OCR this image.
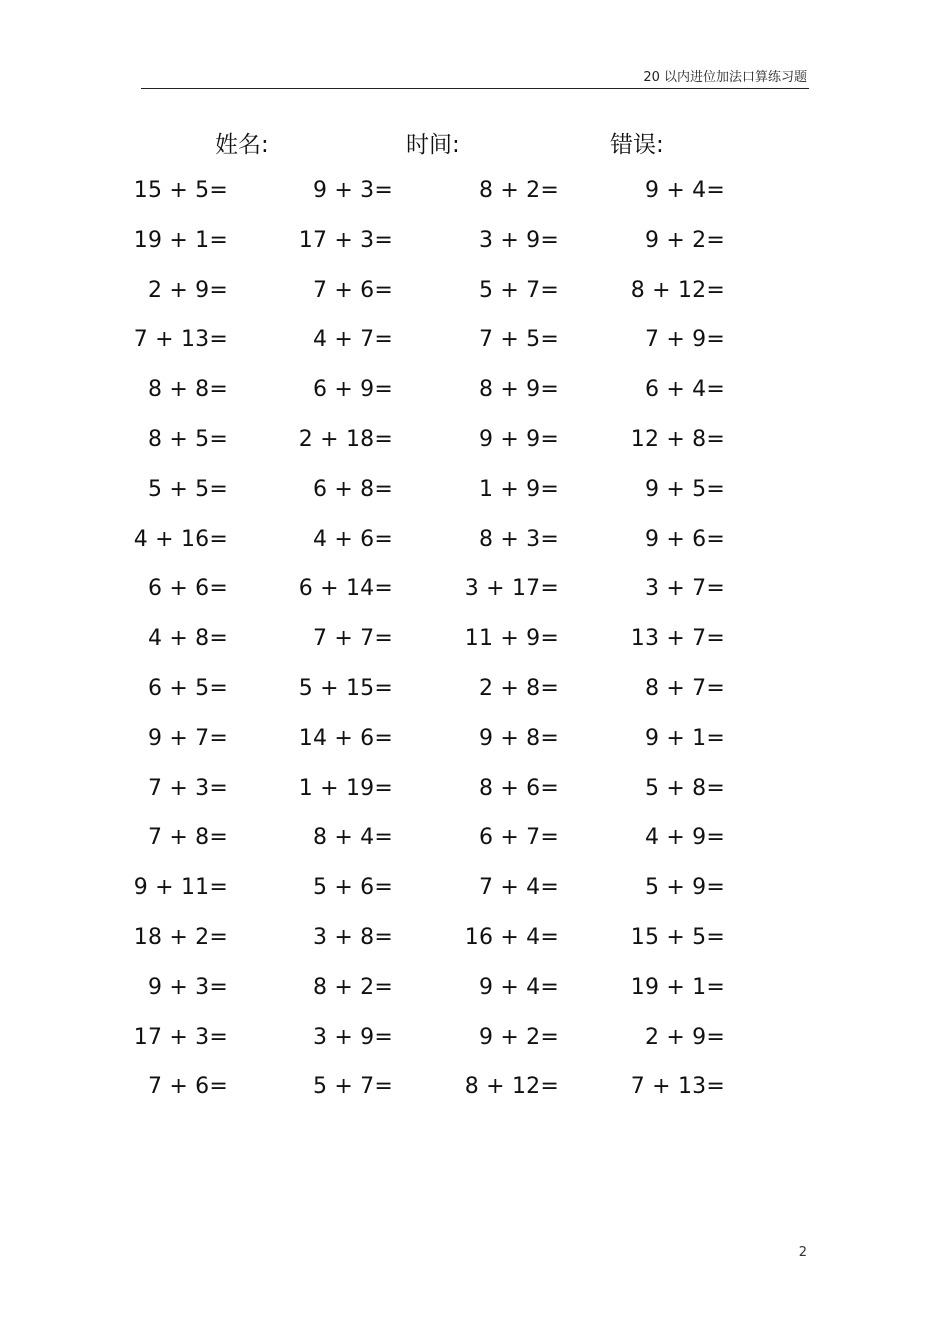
20 以内进位加法口算练习题
姓名:	时间:	错误:
15 + 5=	9 + 3=	8 + 2=	9 + 4=
19 + 1=	17 + 3=	3 + 9=	9 + 2=
2 + 9=	7 + 6=	5 + 7=	8 + 12=
7 + 13=	4 + 7=	7 + 5=	7 + 9=
8 + 8=	6 + 9=	8 + 9=	6 + 4=
8 + 5=	2 + 18=	9 + 9=	12 + 8=
5 + 5=	6 + 8=	1 + 9=	9 + 5=
4 + 16=	4 + 6=	8 + 3=	9 + 6=
6 + 6=	6 + 14=	3 + 17=	3 + 7=
4 + 8=	7 + 7=	11 + 9=	13 + 7=
6 + 5=	5 + 15=	2 + 8=	8 + 7=
9 + 7=	14 + 6=	9 + 8=	9 + 1=
7 + 3=	1 + 19=	8 + 6=	5 + 8=
7 + 8=	8 + 4=	6 + 7=	4 + 9=
9 + 11=	5 + 6=	7 + 4=	5 + 9=
18 + 2=	3 + 8=	16 + 4=	15 + 5=
9 + 3=	8 + 2=	9 + 4=	19 + 1=
17 + 3=	3 + 9=	9 + 2=	2 + 9=
7 + 6=	5 + 7=	8 + 12=	7 + 13=
2
